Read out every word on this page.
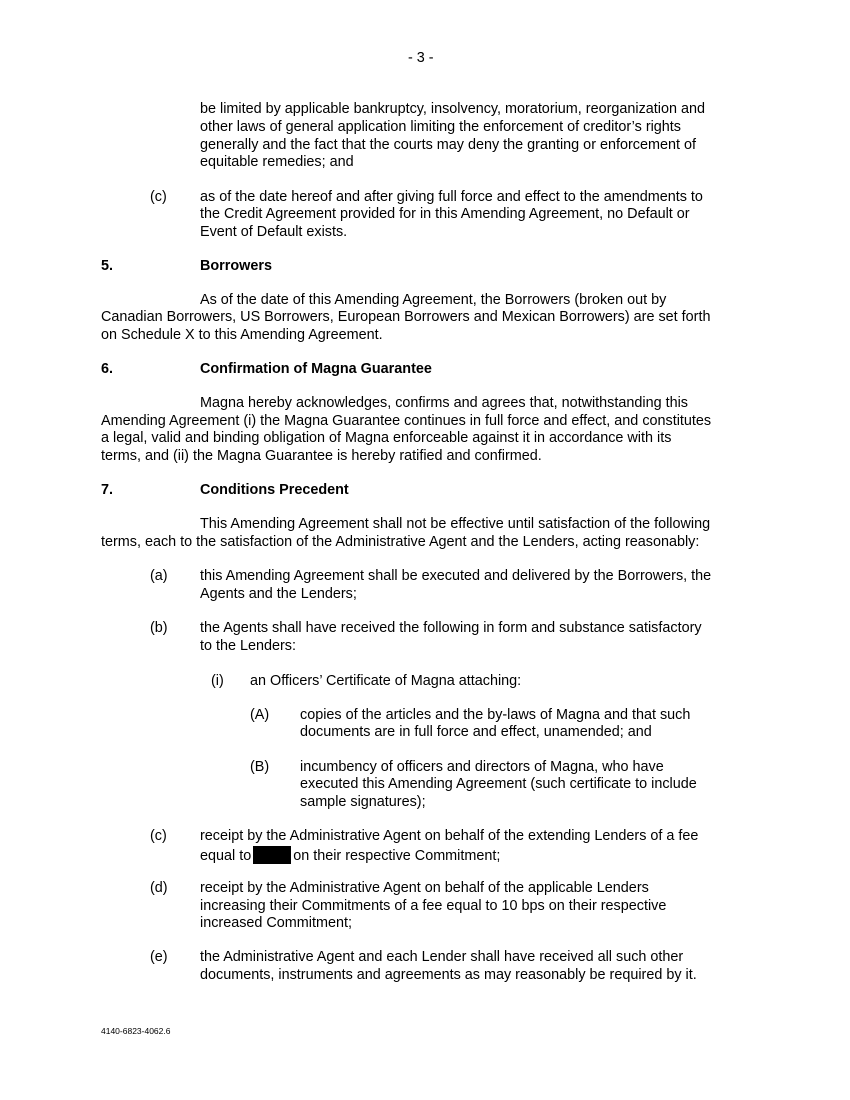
- 3 -
be limited by applicable bankruptcy, insolvency, moratorium, reorganization and
other laws of general application limiting the enforcement of creditor’s rights
generally and the fact that the courts may deny the granting or enforcement of
equitable remedies; and
(c) as of the date hereof and after giving full force and effect to the amendments to
the Credit Agreement provided for in this Amending Agreement, no Default or
Event of Default exists.
5.	Borrowers
As of the date of this Amending Agreement, the Borrowers (broken out by
Canadian Borrowers, US Borrowers, European Borrowers and Mexican Borrowers) are set forth
on Schedule X to this Amending Agreement.
6.	Confirmation of Magna Guarantee
Magna hereby acknowledges, confirms and agrees that, notwithstanding this
Amending Agreement (i) the Magna Guarantee continues in full force and effect, and constitutes
a legal, valid and binding obligation of Magna enforceable against it in accordance with its
terms, and (ii) the Magna Guarantee is hereby ratified and confirmed.
7.	Conditions Precedent
This Amending Agreement shall not be effective until satisfaction of the following
terms, each to the satisfaction of the Administrative Agent and the Lenders, acting reasonably:
(a) this Amending Agreement shall be executed and delivered by the Borrowers, the
Agents and the Lenders;
(b) the Agents shall have received the following in form and substance satisfactory
to the Lenders:
(i) an Officers’ Certificate of Magna attaching:
(A) copies of the articles and the by-laws of Magna and that such
documents are in full force and effect, unamended; and
(B) incumbency of officers and directors of Magna, who have
executed this Amending Agreement (such certificate to include
sample signatures);
(c) receipt by the Administrative Agent on behalf of the extending Lenders of a fee
equal to	on their respective Commitment;
(d) receipt by the Administrative Agent on behalf of the applicable Lenders
increasing their Commitments of a fee equal to 10 bps on their respective
increased Commitment;
(e) the Administrative Agent and each Lender shall have received all such other
documents, instruments and agreements as may reasonably be required by it.
4140-6823-4062.6
